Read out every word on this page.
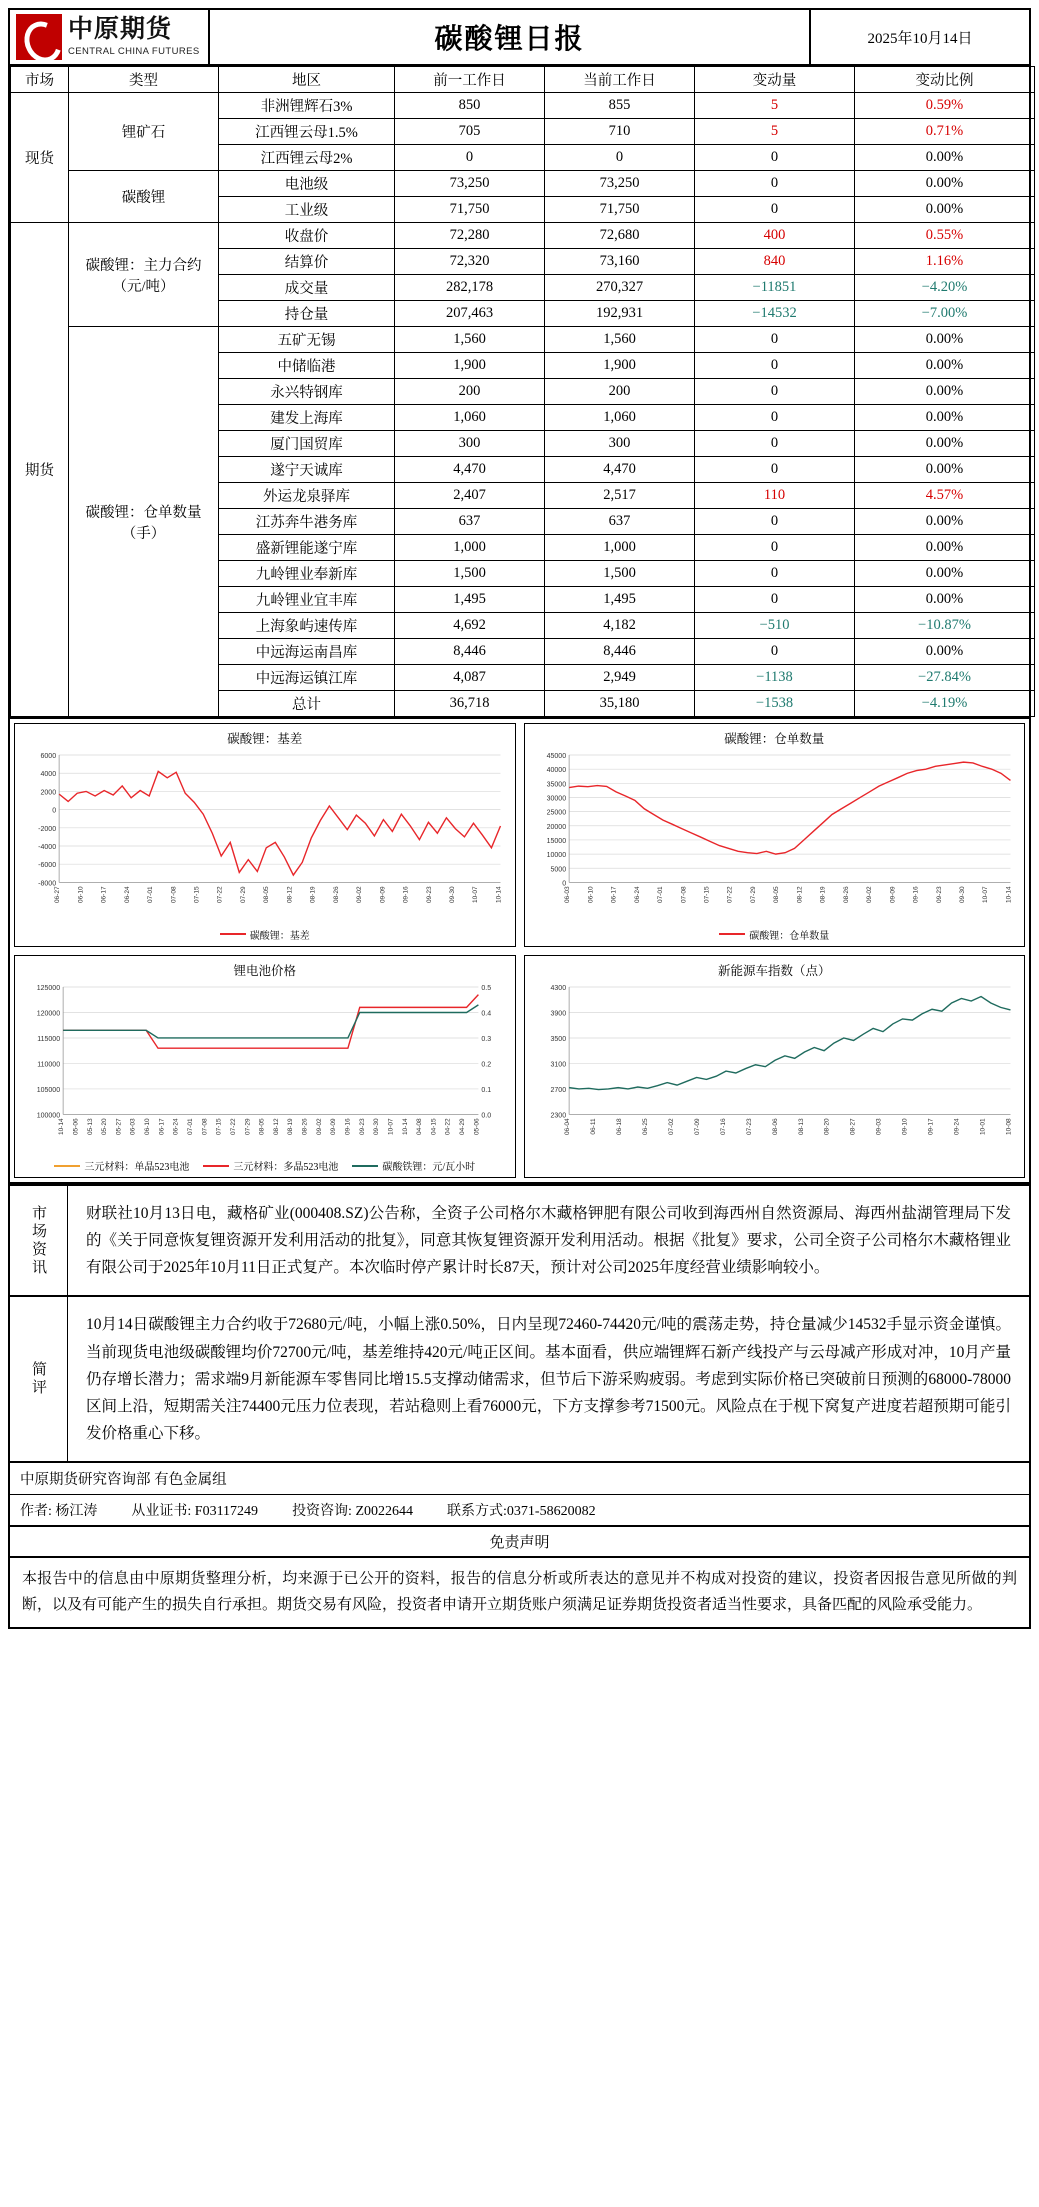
中原期货
CENTRAL CHINA FUTURES	碳酸锂日报	2025年10月14日
市场	类型	地区	前一工作日	当前工作日	变动量	变动比例
现货	锂矿石	非洲锂辉石3%	850	855	5	0.59%
		江西锂云母1.5%	705	710	5	0.71%
		江西锂云母2%	0	0	0	0.00%
	碳酸锂	电池级	73,250	73,250	0	0.00%
		工业级	71,750	71,750	0	0.00%
期货	碳酸锂：主力合约（元/吨）	收盘价	72,280	72,680	400	0.55%
		结算价	72,320	73,160	840	1.16%
		成交量	282,178	270,327	−11851	−4.20%
		持仓量	207,463	192,931	−14532	−7.00%
	碳酸锂：仓单数量（手）	五矿无锡	1,560	1,560	0	0.00%
		中储临港	1,900	1,900	0	0.00%
		永兴特钢库	200	200	0	0.00%
		建发上海库	1,060	1,060	0	0.00%
		厦门国贸库	300	300	0	0.00%
		遂宁天诚库	4,470	4,470	0	0.00%
		外运龙泉驿库	2,407	2,517	110	4.57%
		江苏奔牛港务库	637	637	0	0.00%
		盛新锂能遂宁库	1,000	1,000	0	0.00%
		九岭锂业奉新库	1,500	1,500	0	0.00%
		九岭锂业宜丰库	1,495	1,495	0	0.00%
		上海象屿速传库	4,692	4,182	−510	−10.87%
		中远海运南昌库	8,446	8,446	0	0.00%
		中远海运镇江库	4,087	2,949	−1138	−27.84%
		总计	36,718	35,180	−1538	−4.19%
碳酸锂：基差
-8000
-6000
-4000
-2000
0
2000
4000
6000
06-27 06-10 06-17 06-24 07-01 07-08 07-15 07-22 07-29 08-05 08-12 08-19 08-26 09-02 09-09 09-16 09-23 09-30 10-07 10-14
碳酸锂：基差
碳酸锂：仓单数量
0
5000
10000
15000
20000
25000
30000
35000
40000
45000
06-03 06-10 06-17 06-24 07-01 07-08 07-15 07-22 07-29 08-05 08-12 08-19 08-26 09-02 09-09 09-16 09-23 09-30 10-07 10-14
碳酸锂：仓单数量
锂电池价格
100000
105000
110000
115000
120000
125000
0.0
0.1
0.2
0.3
0.4
0.5
10-14 05-06 05-13 05-20 05-27 06-03 06-10 06-17 06-24 07-01 07-08 07-15 07-22 07-29 08-05 08-12 08-19 08-26 09-02 09-09 09-16 09-23 09-30 10-07 10-14 04-08 04-15 04-22 04-29 05-06
三元材料：单晶523电池	三元材料：多晶523电池	碳酸铁锂：元/瓦小时
新能源车指数（点）
2300
2700
3100
3500
3900
4300
06-04	06-11	06-18	06-25	07-02	07-09	07-16	07-23	08-06	08-13	08-20	08-27	09-03	09-10	09-17	09-24	10-01	10-08
市场资讯	财联社10月13日电，藏格矿业(000408.SZ)公告称，全资子公司格尔木藏格钾肥有限公司收到海西州自然资源局、海西州盐湖管理局下发的《关于同意恢复锂资源开发利用活动的批复》，同意其恢复锂资源开发利用活动。根据《批复》要求，公司全资子公司格尔木藏格锂业有限公司于2025年10月11日正式复产。本次临时停产累计时长87天，预计对公司2025年度经营业绩影响较小。
简评
10月14日碳酸锂主力合约收于72680元/吨，小幅上涨0.50%，日内呈现72460-74420元/吨的震荡走势，持仓量减少14532手显示资金谨慎。当前现货电池级碳酸锂均价72700元/吨，基差维持420元/吨正区间。基本面看，供应端锂辉石新产线投产与云母减产形成对冲，10月产量仍存增长潜力；需求端9月新能源车零售同比增15.5支撑动储需求，但节后下游采购疲弱。考虑到实际价格已突破前日预测的68000-78000区间上沿，短期需关注74400元压力位表现，若站稳则上看76000元，下方支撑参考71500元。风险点在于枧下窝复产进度若超预期可能引发价格重心下移。
中原期货研究咨询部 有色金属组
作者: 杨江涛 从业证书: F03117249 投资咨询: Z0022644 联系方式:0371-58620082
免责声明
本报告中的信息由中原期货整理分析，均来源于已公开的资料，报告的信息分析或所表达的意见并不构成对投资的建议，投资者因报告意见所做的判断，以及有可能产生的损失自行承担。期货交易有风险，投资者申请开立期货账户须满足证券期货投资者适当性要求，具备匹配的风险承受能力。
